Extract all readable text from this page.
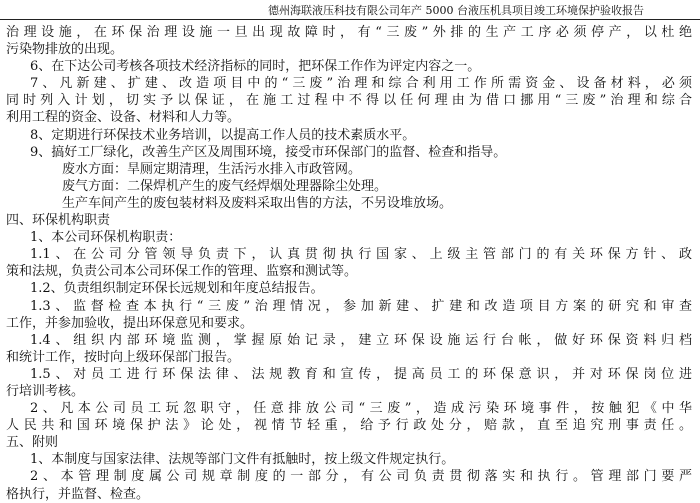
德州海联液压科技有限公司年产 5000 台液压机具项目竣工环境保护验收报告
治理设施，在环保治理设施一旦出现故障时，有“三废”外排的生产工序必须停产，以杜绝
污染物排放的出现。
6、在下达公司考核各项技术经济指标的同时，把环保工作作为评定内容之一。
7、凡新建、扩建、改造项目中的“三废”治理和综合利用工作所需资金、设备材料，必须
同时列入计划，切实予以保证，在施工过程中不得以任何理由为借口挪用“三废”治理和综合
利用工程的资金、设备、材料和人力等。
8、定期进行环保技术业务培训，以提高工作人员的技术素质水平。
9、搞好工厂绿化，改善生产区及周围环境，接受市环保部门的监督、检查和指导。
废水方面：旱厕定期清理，生活污水排入市政管网。
废气方面：二保焊机产生的废气经焊烟处理器除尘处理。
生产车间产生的废包装材料及废料采取出售的方法，不另设堆放场。
四、环保机构职责
1、本公司环保机构职责：
1.1、在公司分管领导负责下，认真贯彻执行国家、上级主管部门的有关环保方针、政
策和法规，负责公司本公司环保工作的管理、监察和测试等。
1.2、负责组织制定环保长远规划和年度总结报告。
1.3、监督检查本执行“三废”治理情况，参加新建、扩建和改造项目方案的研究和审查
工作，并参加验收，提出环保意见和要求。
1.4、组织内部环境监测，掌握原始记录，建立环保设施运行台帐，做好环保资料归档
和统计工作，按时向上级环保部门报告。
1.5、对员工进行环保法律、法规教育和宣传，提高员工的环保意识，并对环保岗位进
行培训考核。
2、凡本公司员工玩忽职守，任意排放公司“三废”，造成污染环境事件，按触犯《中华
人民共和国环境保护法》论处，视情节轻重，给予行政处分，赔款，直至追究刑事责任。
五、附则
1、本制度与国家法律、法规等部门文件有抵触时，按上级文件规定执行。
2、本管理制度属公司规章制度的一部分，有公司负责贯彻落实和执行。管理部门要严
格执行，并监督、检查。
